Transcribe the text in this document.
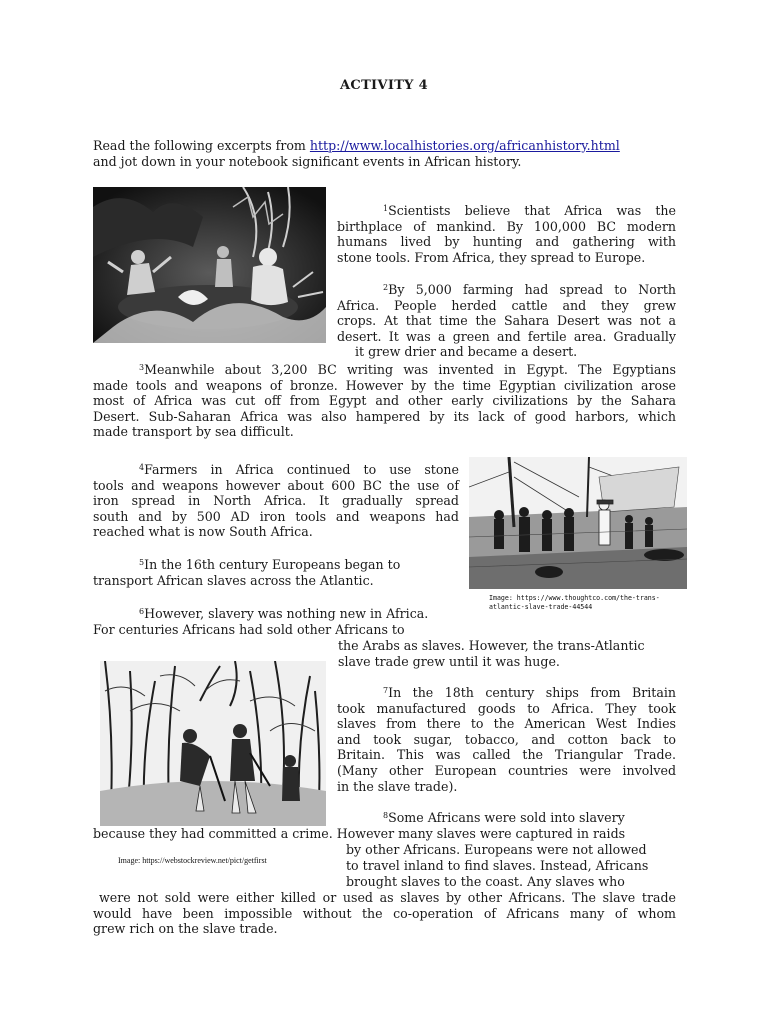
ACTIVITY 4
Read the following excerpts from http://www.localhistories.org/africanhistory.html
and jot down in your notebook significant events in African history.
$^1$Scientists believe that Africa was the
birthplace of mankind. By 100,000 BC modern
humans lived by hunting and gathering with
stone tools. From Africa, they spread to Europe.
$^2$By 5,000 farming had spread to North
Africa. People herded cattle and they grew
crops. At that time the Sahara Desert was not a
desert. It was a green and fertile area. Gradually
it grew drier and became a desert.
$^3$Meanwhile about 3,200 BC writing was invented in Egypt. The Egyptians
made tools and weapons of bronze. However by the time Egyptian civilization arose
most of Africa was cut off from Egypt and other early civilizations by the Sahara
Desert. Sub-Saharan Africa was also hampered by its lack of good harbors, which
made transport by sea difficult.
$^4$Farmers in Africa continued to use stone
tools and weapons however about 600 BC the use of
iron spread in North Africa. It gradually spread
south and by 500 AD iron tools and weapons had
reached what is now South Africa.
Image: https://www.thoughtco.com/the-trans-
atlantic-slave-trade-44544
$^5$In the 16th century Europeans began to
transport African slaves across the Atlantic.
$^6$However, slavery was nothing new in Africa.
For centuries Africans had sold other Africans to
the Arabs as slaves. However, the trans-Atlantic
slave trade grew until it was huge.
$^7$In the 18th century ships from Britain
took manufactured goods to Africa. They took
slaves from there to the American West Indies
and took sugar, tobacco, and cotton back to
Britain. This was called the Triangular Trade.
(Many other European countries were involved
in the slave trade).
$^8$Some Africans were sold into slavery
because they had committed a crime. However many slaves were captured in raids
by other Africans. Europeans were not allowed
Image: https://webstockreview.net/pict/getfirst	to travel inland to find slaves. Instead, Africans
brought slaves to the coast. Any slaves who
were not sold were either killed or used as slaves by other Africans. The slave trade
would have been impossible without the co-operation of Africans many of whom
grew rich on the slave trade.
